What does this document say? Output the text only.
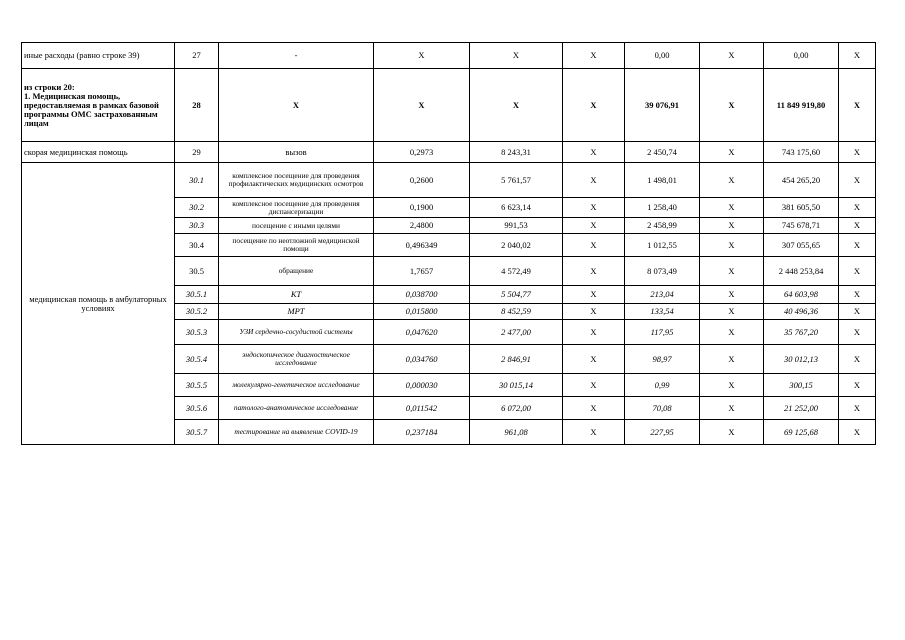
иные расходы (равно строке 39)	27	-	X	X	X	0,00	X	0,00	X
из строки 20:
1. Медицинская помощь, предоставляемая в рамках базовой программы ОМС застрахованным лицам	28	X	X	X	X	39 076,91	X	11 849 919,80	X
скорая медицинская помощь	29	вызов	0,2973	8 243,31	X	2 450,74	X	743 175,60	X
медицинская помощь в амбулаторных условиях	30.1	комплексное посещение для проведения профилактических медицинских осмотров	0,2600	5 761,57	X	1 498,01	X	454 265,20	X
	30.2	комплексное посещение для проведения диспансеризации	0,1900	6 623,14	X	1 258,40	X	381 605,50	X
	30.3	посещение с иными целями	2,4800	991,53	X	2 458,99	X	745 678,71	X
	30.4	посещение по неотложной медицинской помощи	0,496349	2 040,02	X	1 012,55	X	307 055,65	X
	30.5	обращение	1,7657	4 572,49	X	8 073,49	X	2 448 253,84	X
	30.5.1	КТ	0,038700	5 504,77	X	213,04	X	64 603,98	X
	30.5.2	МРТ	0,015800	8 452,59	X	133,54	X	40 496,36	X
	30.5.3	УЗИ сердечно-сосудистой системы	0,047620	2 477,00	X	117,95	X	35 767,20	X
	30.5.4	эндоскопическое диагностическое исследование	0,034760	2 846,91	X	98,97	X	30 012,13	X
	30.5.5	молекулярно-генетическое исследование	0,000030	30 015,14	X	0,99	X	300,15	X
	30.5.6	патолого-анатомическое исследование	0,011542	6 072,00	X	70,08	X	21 252,00	X
	30.5.7	тестирование на выявление COVID-19	0,237184	961,08	X	227,95	X	69 125,68	X
